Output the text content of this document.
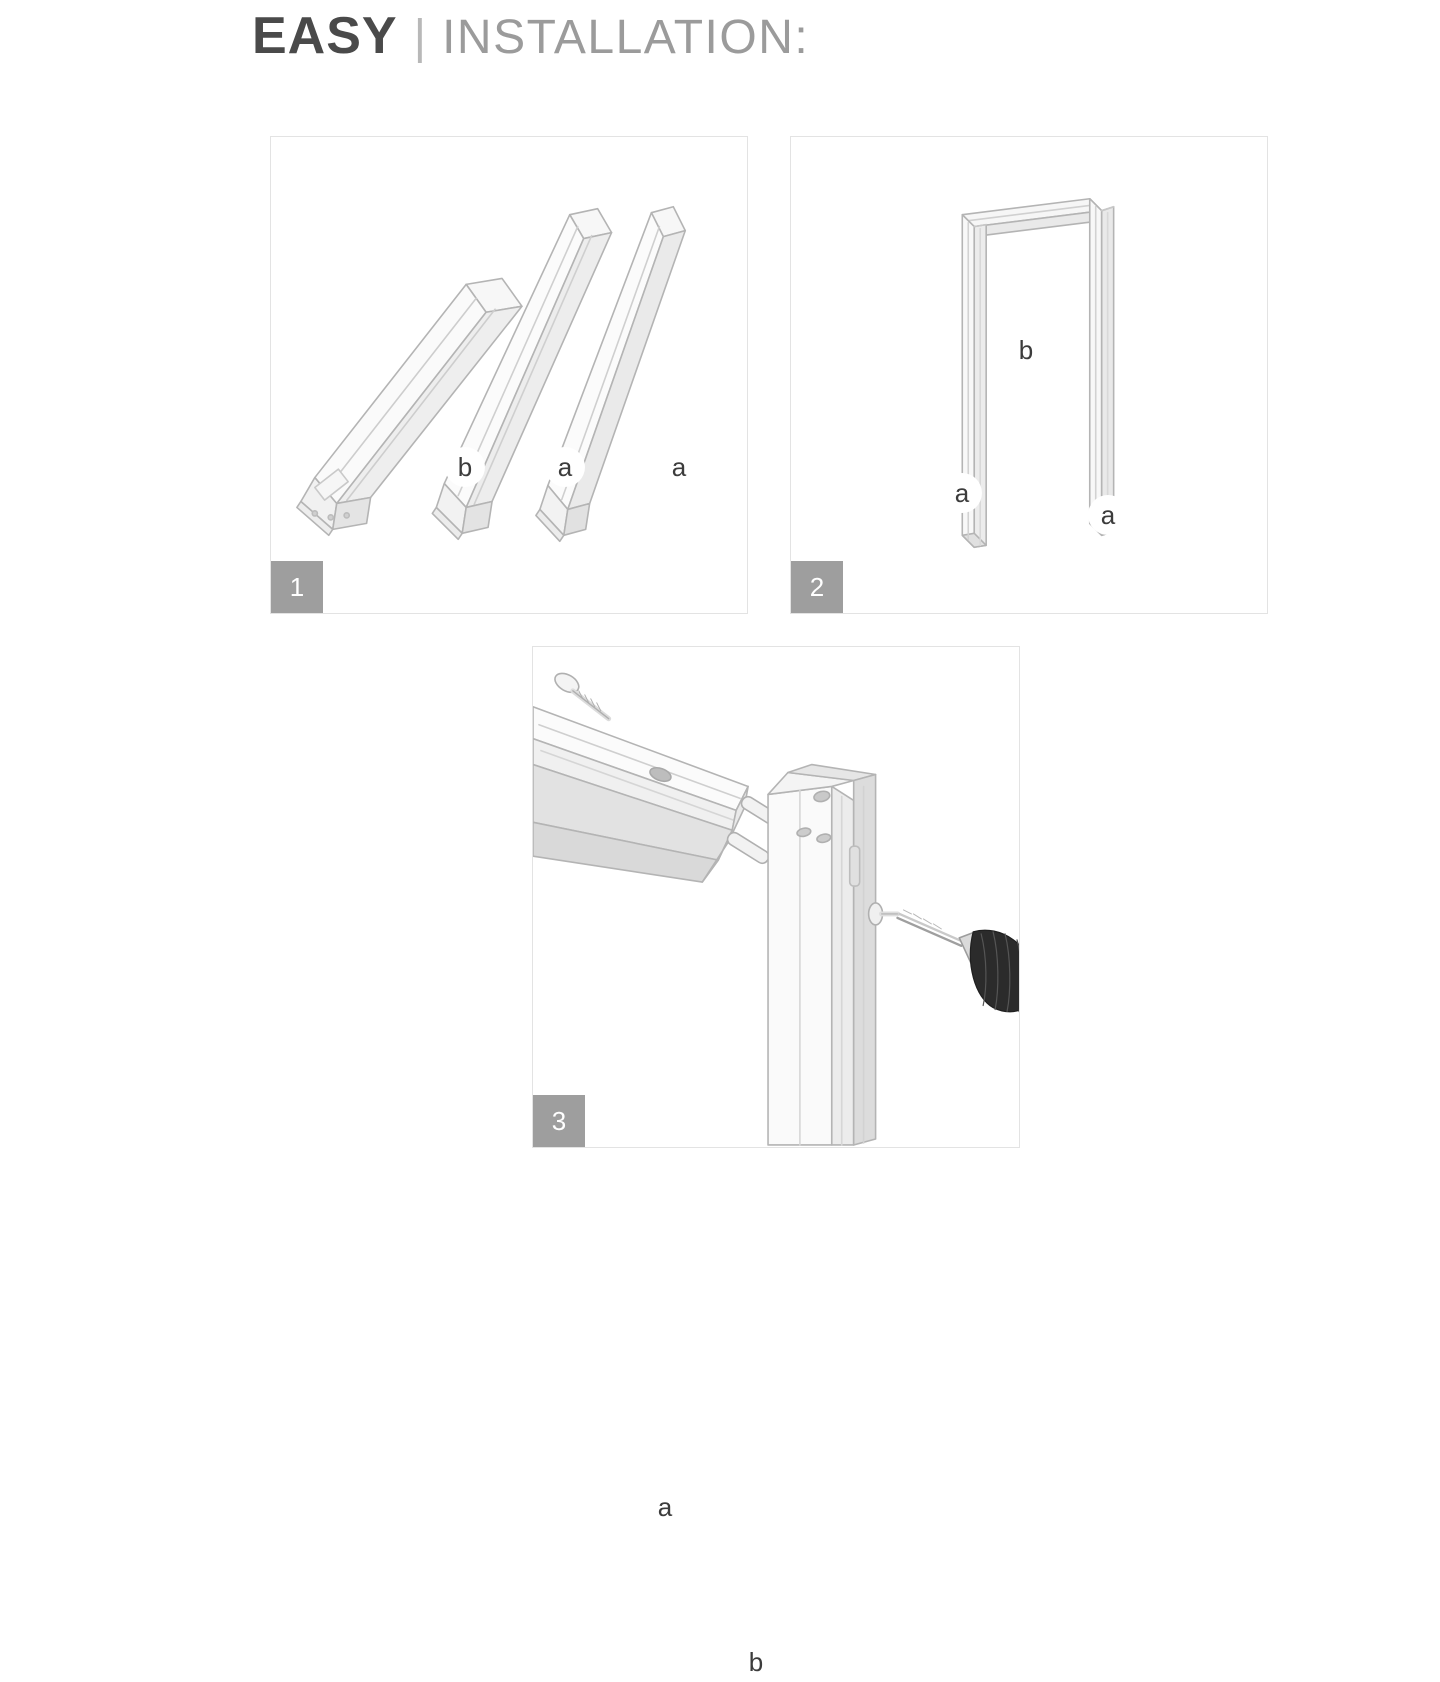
EASY | INSTALLATION:
b	a	a
1
b
a
a
2
a
b
3
